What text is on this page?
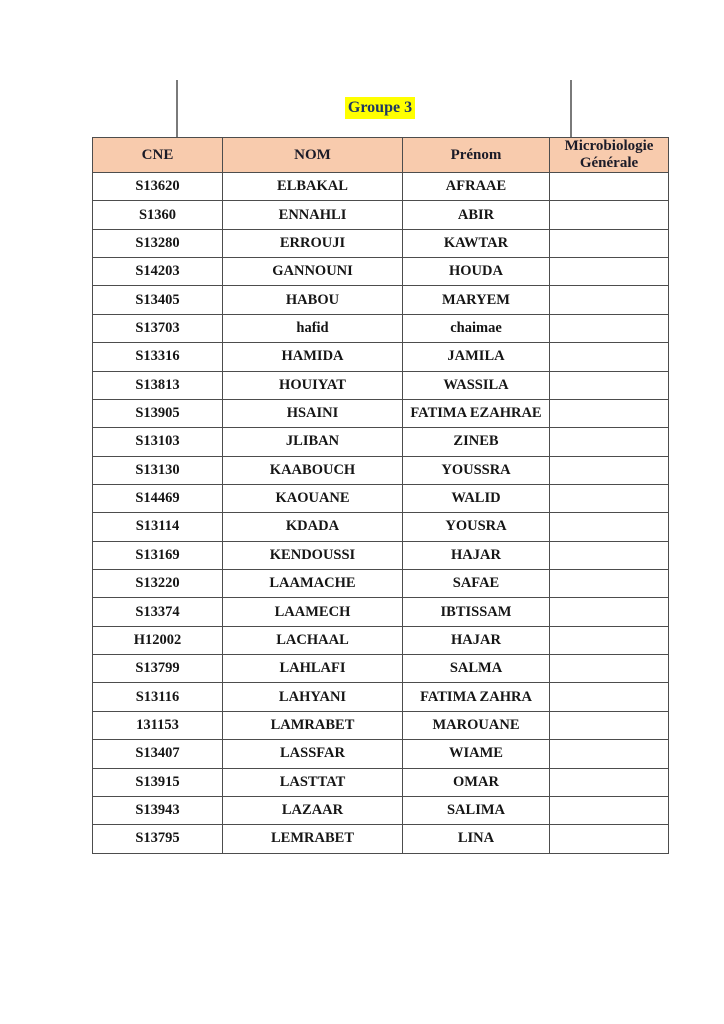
Groupe 3
CNE	NOM	Prénom	Microbiologie Générale
S13620	ELBAKAL	AFRAAE	
S1360	ENNAHLI	ABIR	
S13280	ERROUJI	KAWTAR	
S14203	GANNOUNI	HOUDA	
S13405	HABOU	MARYEM	
S13703	hafid	chaimae	
S13316	HAMIDA	JAMILA	
S13813	HOUIYAT	WASSILA	
S13905	HSAINI	FATIMA EZAHRAE	
S13103	JLIBAN	ZINEB	
S13130	KAABOUCH	YOUSSRA	
S14469	KAOUANE	WALID	
S13114	KDADA	YOUSRA	
S13169	KENDOUSSI	HAJAR	
S13220	LAAMACHE	SAFAE	
S13374	LAAMECH	IBTISSAM	
H12002	LACHAAL	HAJAR	
S13799	LAHLAFI	SALMA	
S13116	LAHYANI	FATIMA ZAHRA	
131153	LAMRABET	MAROUANE	
S13407	LASSFAR	WIAME	
S13915	LASTTAT	OMAR	
S13943	LAZAAR	SALIMA	
S13795	LEMRABET	LINA	
